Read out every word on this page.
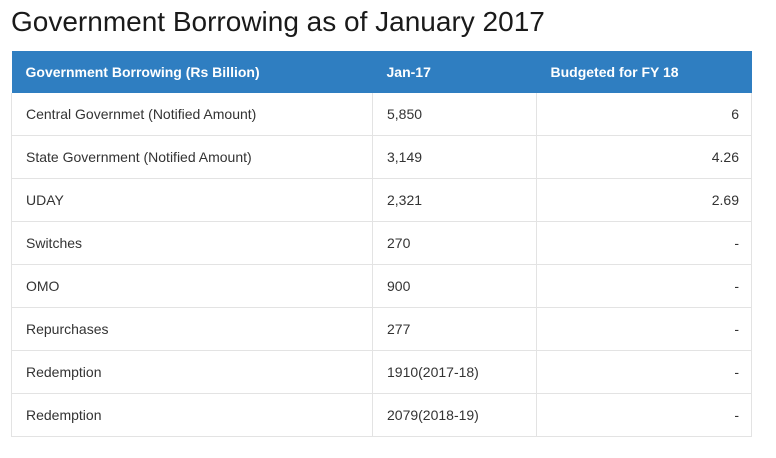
Government Borrowing as of January 2017
Government Borrowing (Rs Billion)	Jan-17	Budgeted for FY 18
Central Governmet (Notified Amount)	5,850	6
State Government (Notified Amount)	3,149	4.26
UDAY	2,321	2.69
Switches	270	-
OMO	900	-
Repurchases	277	-
Redemption	1910(2017-18)	-
Redemption	2079(2018-19)	-
